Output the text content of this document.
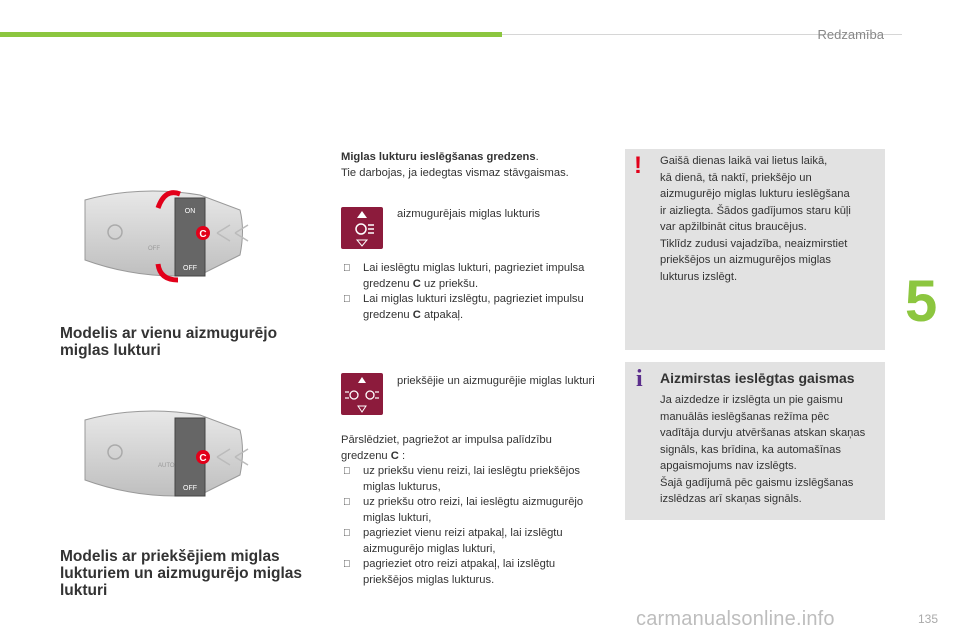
Redzamība
5
ON
OFF
OFF
C
Modelis ar vienu aizmugurējo miglas lukturi
AUTO
OFF
C
Modelis ar priekšējiem miglas lukturiem un aizmugurējo miglas lukturi
Miglas lukturu ieslēgšanas gredzens.
Tie darbojas, ja iedegtas vismaz stāvgaismas.
aizmugurējais miglas lukturis
Lai ieslēgtu miglas lukturi, pagrieziet impulsa gredzenu C uz priekšu.
Lai miglas lukturi izslēgtu, pagrieziet impulsu gredzenu C atpakaļ.
priekšējie un aizmugurējie miglas lukturi
Pārslēdziet, pagriežot ar impulsa palīdzību gredzenu C :
uz priekšu vienu reizi, lai ieslēgtu priekšējos miglas lukturus,
uz priekšu otro reizi, lai ieslēgtu aizmugurējo miglas lukturi,
pagrieziet vienu reizi atpakaļ, lai izslēgtu aizmugurējo miglas lukturi,
pagrieziet otro reizi atpakaļ, lai izslēgtu priekšējos miglas lukturus.
! Gaišā dienas laikā vai lietus laikā,
kā dienā, tā naktī, priekšējo un
aizmugurējo miglas lukturu ieslēgšana
ir aizliegta. Šādos gadījumos staru kūļi
var apžilbināt citus braucējus.
Tiklīdz zudusi vajadzība, neaizmirstiet
priekšējos un aizmugurējos miglas
lukturus izslēgt.
i Aizmirstas ieslēgtas gaismas
Ja aizdedze ir izslēgta un pie gaismu
manuālās ieslēgšanas režīma pēc
vadītāja durvju atvēršanas atskan skaņas
signāls, kas brīdina, ka automašīnas
apgaismojums nav izslēgts.
Šajā gadījumā pēc gaismu izslēgšanas
izslēdzas arī skaņas signāls.
carmanualsonline.info	135
